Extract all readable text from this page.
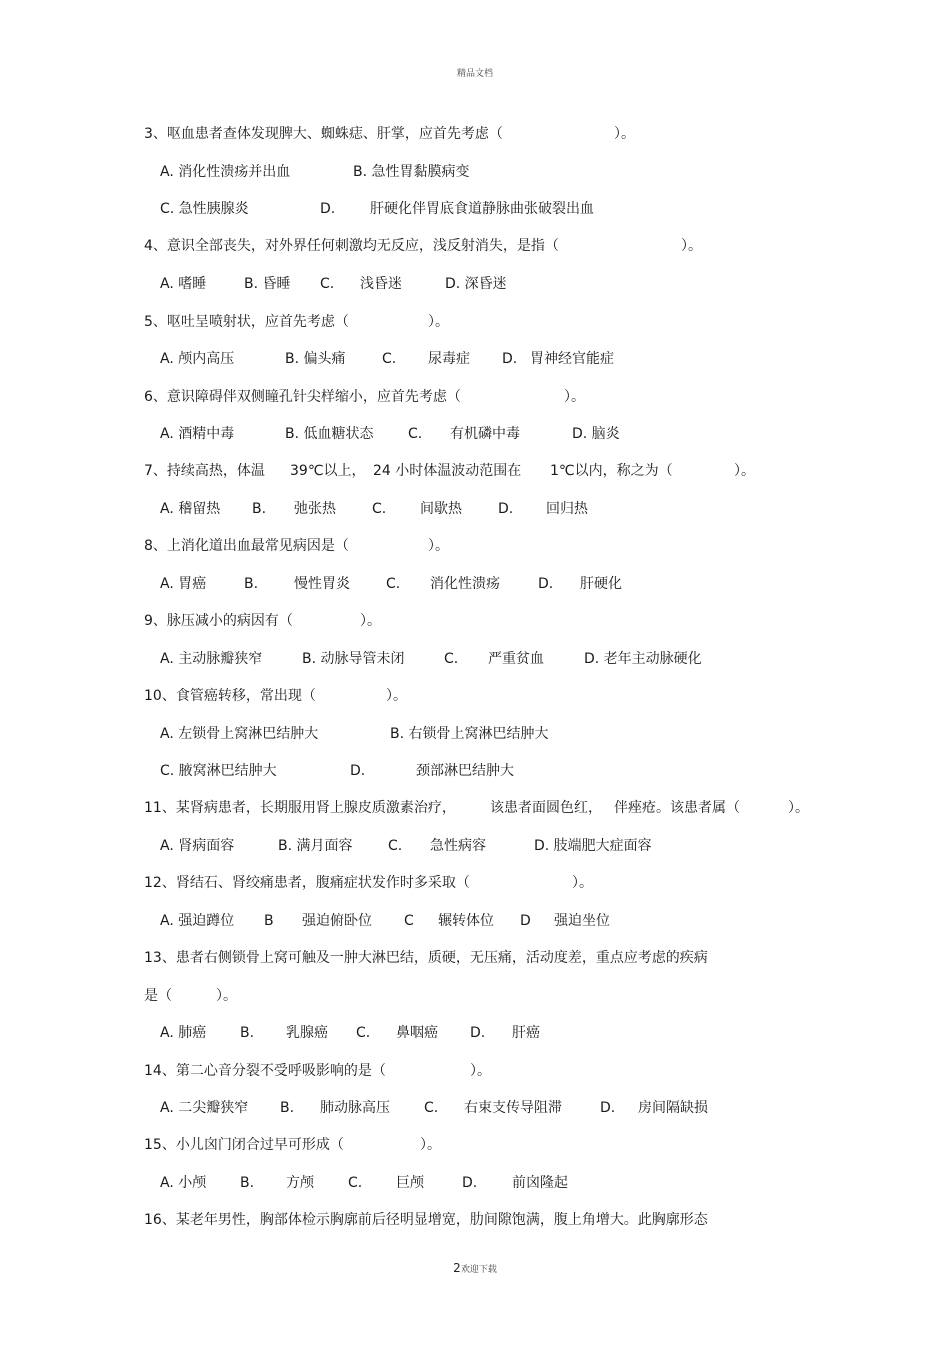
精品文档
3、呕血患者查体发现脾大、蜘蛛痣、肝掌，应首先考虑（	）。
A. 消化性溃疡并出血	B. 急性胃黏膜病变
C. 急性胰腺炎	D. 肝硬化伴胃底食道静脉曲张破裂出血
4、意识全部丧失，对外界任何刺激均无反应，浅反射消失，是指（	）。
A. 嗜睡	B. 昏睡 C. 浅昏迷	D. 深昏迷
5、呕吐呈喷射状，应首先考虑（	）。
A. 颅内高压	B. 偏头痛	C. 尿毒症 D. 胃神经官能症
6、意识障碍伴双侧瞳孔针尖样缩小，应首先考虑（	）。
A. 酒精中毒	B. 低血糖状态 C. 有机磷中毒	D. 脑炎
7、持续高热，体温 39℃以上， 24 小时体温波动范围在 1℃以内，称之为（	）。
A. 稽留热 B. 弛张热	C. 间歇热	D. 回归热
8、上消化道出血最常见病因是（	）。
A. 胃癌	B.	慢性胃炎	C. 消化性溃疡	D. 肝硬化
9、脉压减小的病因有（	）。
A. 主动脉瓣狭窄	B. 动脉导管未闭	C. 严重贫血	D. 老年主动脉硬化
10、食管癌转移，常出现（	）。
A. 左锁骨上窝淋巴结肿大	B. 右锁骨上窝淋巴结肿大
C. 腋窝淋巴结肿大	D.	颈部淋巴结肿大
11、某肾病患者，长期服用肾上腺皮质激素治疗， 该患者面圆色红， 伴痤疮。该患者属（	）。
A. 肾病面容	B. 满月面容	C. 急性病容	D. 肢端肥大症面容
12、肾结石、肾绞痛患者，腹痛症状发作时多采取（	）。
A. 强迫蹲位 B 强迫俯卧位 C 辗转体位 D 强迫坐位
13、患者右侧锁骨上窝可触及一肿大淋巴结，质硬，无压痛，活动度差，重点应考虑的疾病
是（	）。
A. 肺癌 B. 乳腺癌 C. 鼻咽癌 D. 肝癌
14、第二心音分裂不受呼吸影响的是（	）。
A. 二尖瓣狭窄 B. 肺动脉高压 C. 右束支传导阻滞	D. 房间隔缺损
15、小儿囟门闭合过早可形成（	）。
A. 小颅 B. 方颅 C. 巨颅	D. 前囟隆起
16、某老年男性，胸部体检示胸廓前后径明显增宽，肋间隙饱满，腹上角增大。此胸廓形态
2欢迎下载
